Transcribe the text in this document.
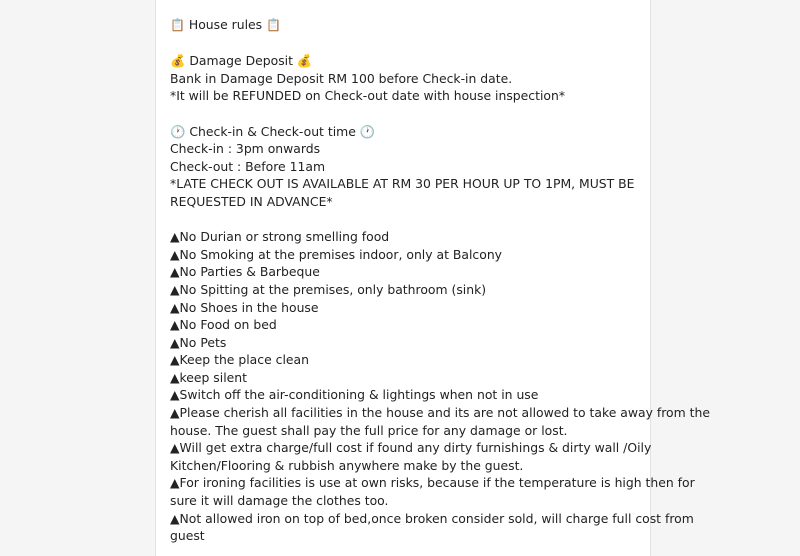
📋 House rules 📋
💰 Damage Deposit 💰
Bank in Damage Deposit RM 100 before Check-in date.
*It will be REFUNDED on Check-out date with house inspection*
🕐 Check-in & Check-out time 🕐
Check-in : 3pm onwards
Check-out : Before 11am
*LATE CHECK OUT IS AVAILABLE AT RM 30 PER HOUR UP TO 1PM, MUST BE
REQUESTED IN ADVANCE*
▲No Durian or strong smelling food
▲No Smoking at the premises indoor, only at Balcony
▲No Parties & Barbeque
▲No Spitting at the premises, only bathroom (sink)
▲No Shoes in the house
▲No Food on bed
▲No Pets
▲Keep the place clean
▲keep silent
▲Switch off the air-conditioning & lightings when not in use
▲Please cherish all facilities in the house and its are not allowed to take away from the
house. The guest shall pay the full price for any damage or lost.
▲Will get extra charge/full cost if found any dirty furnishings & dirty wall /Oily
Kitchen/Flooring & rubbish anywhere make by the guest.
▲For ironing facilities is use at own risks, because if the temperature is high then for
sure it will damage the clothes too.
▲Not allowed iron on top of bed,once broken consider sold, will charge full cost from
guest
